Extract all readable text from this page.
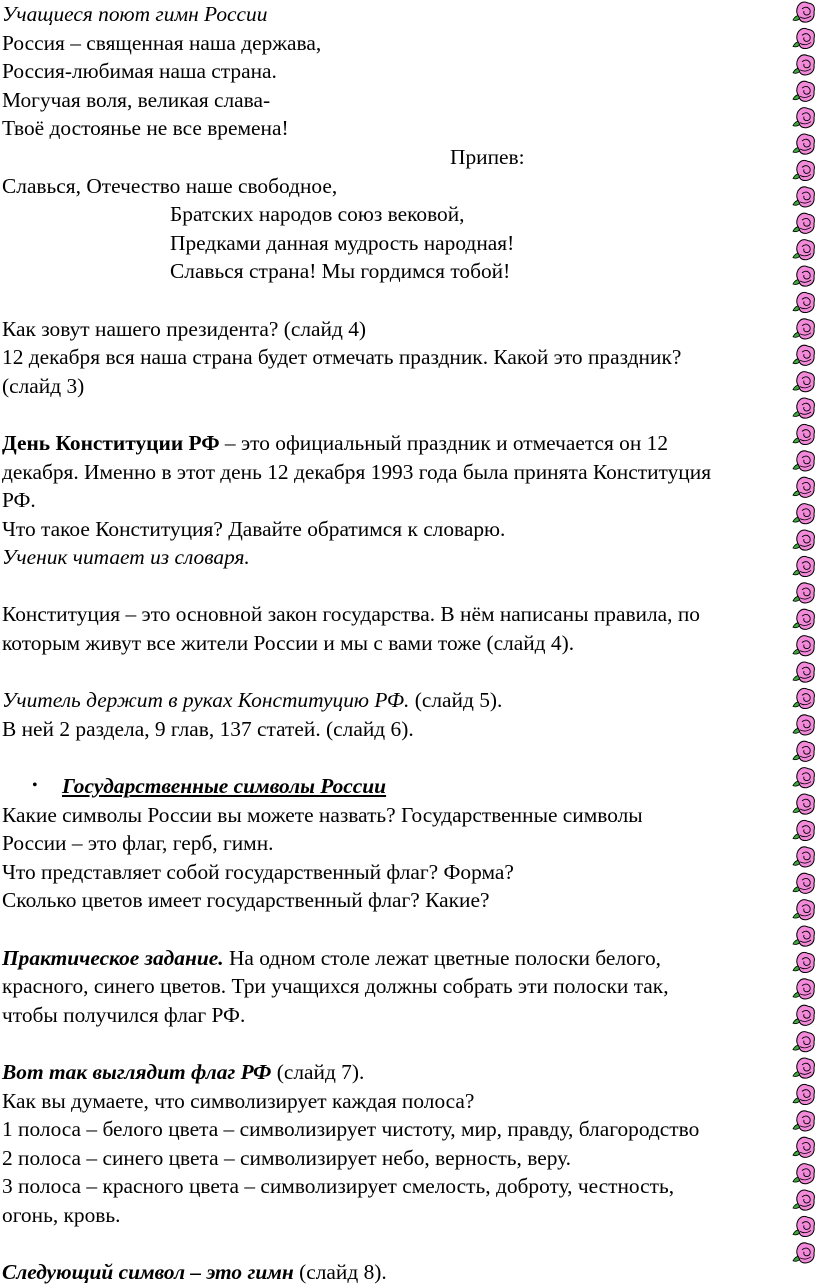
Учащиеся поют гимн России
Россия – священная наша держава,
Россия-любимая наша страна.
Могучая воля, великая слава-
Твоё достоянье не все времена!
Припев:
Славься, Отечество наше свободное,
Братских народов союз вековой,
Предками данная мудрость народная!
Славься страна! Мы гордимся тобой!
Как зовут нашего президента? (слайд 4)
12 декабря вся наша страна будет отмечать праздник. Какой это праздник?
(слайд 3)
День Конституции РФ – это официальный праздник и отмечается он 12
декабря. Именно в этот день 12 декабря 1993 года была принята Конституция
РФ.
Что такое Конституция? Давайте обратимся к словарю.
Ученик читает из словаря.
Конституция – это основной закон государства. В нём написаны правила, по
которым живут все жители России и мы с вами тоже (слайд 4).
Учитель держит в руках Конституцию РФ. (слайд 5).
В ней 2 раздела, 9 глав, 137 статей. (слайд 6).
• Государственные символы России
Какие символы России вы можете назвать? Государственные символы
России – это флаг, герб, гимн.
Что представляет собой государственный флаг? Форма?
Сколько цветов имеет государственный флаг? Какие?
Практическое задание. На одном столе лежат цветные полоски белого,
красного, синего цветов. Три учащихся должны собрать эти полоски так,
чтобы получился флаг РФ.
Вот так выглядит флаг РФ (слайд 7).
Как вы думаете, что символизирует каждая полоса?
1 полоса – белого цвета – символизирует чистоту, мир, правду, благородство
2 полоса – синего цвета – символизирует небо, верность, веру.
3 полоса – красного цвета – символизирует смелость, доброту, честность,
огонь, кровь.
Следующий символ – это гимн (слайд 8).
